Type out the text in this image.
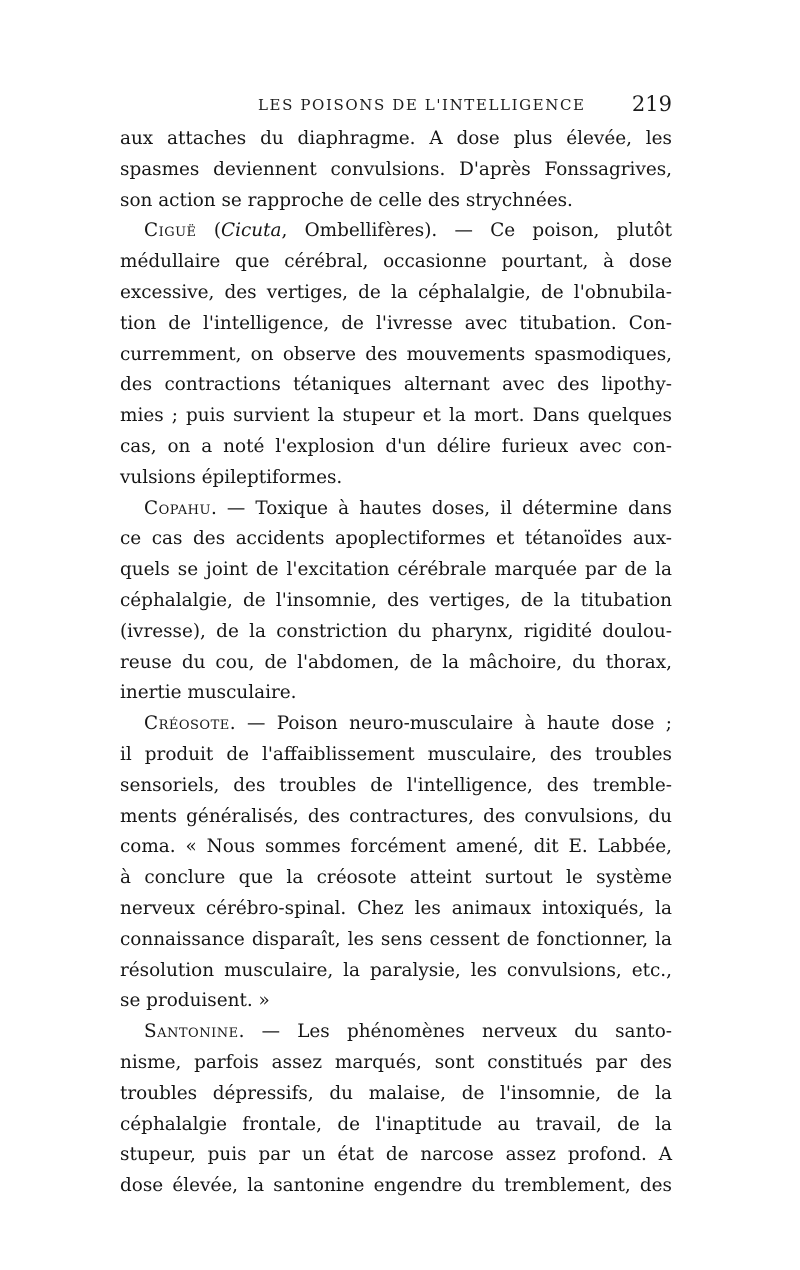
LES POISONS DE L'INTELLIGENCE 219
aux attaches du diaphragme. A dose plus élevée, les
spasmes deviennent convulsions. D'après Fonssagrives,
son action se rapproche de celle des strychnées.
Ciguë (Cicuta, Ombellifères). — Ce poison, plutôt
médullaire que cérébral, occasionne pourtant, à dose
excessive, des vertiges, de la céphalalgie, de l'obnubila-
tion de l'intelligence, de l'ivresse avec titubation. Con-
curremment, on observe des mouvements spasmodiques,
des contractions tétaniques alternant avec des lipothy-
mies ; puis survient la stupeur et la mort. Dans quelques
cas, on a noté l'explosion d'un délire furieux avec con-
vulsions épileptiformes.
Copahu. — Toxique à hautes doses, il détermine dans
ce cas des accidents apoplectiformes et tétanoïdes aux-
quels se joint de l'excitation cérébrale marquée par de la
céphalalgie, de l'insomnie, des vertiges, de la titubation
(ivresse), de la constriction du pharynx, rigidité doulou-
reuse du cou, de l'abdomen, de la mâchoire, du thorax,
inertie musculaire.
Créosote. — Poison neuro-musculaire à haute dose ;
il produit de l'affaiblissement musculaire, des troubles
sensoriels, des troubles de l'intelligence, des tremble-
ments généralisés, des contractures, des convulsions, du
coma. « Nous sommes forcément amené, dit E. Labbée,
à conclure que la créosote atteint surtout le système
nerveux cérébro-spinal. Chez les animaux intoxiqués, la
connaissance disparaît, les sens cessent de fonctionner, la
résolution musculaire, la paralysie, les convulsions, etc.,
se produisent. »
Santonine. — Les phénomènes nerveux du santo-
nisme, parfois assez marqués, sont constitués par des
troubles dépressifs, du malaise, de l'insomnie, de la
céphalalgie frontale, de l'inaptitude au travail, de la
stupeur, puis par un état de narcose assez profond. A
dose élevée, la santonine engendre du tremblement, des
